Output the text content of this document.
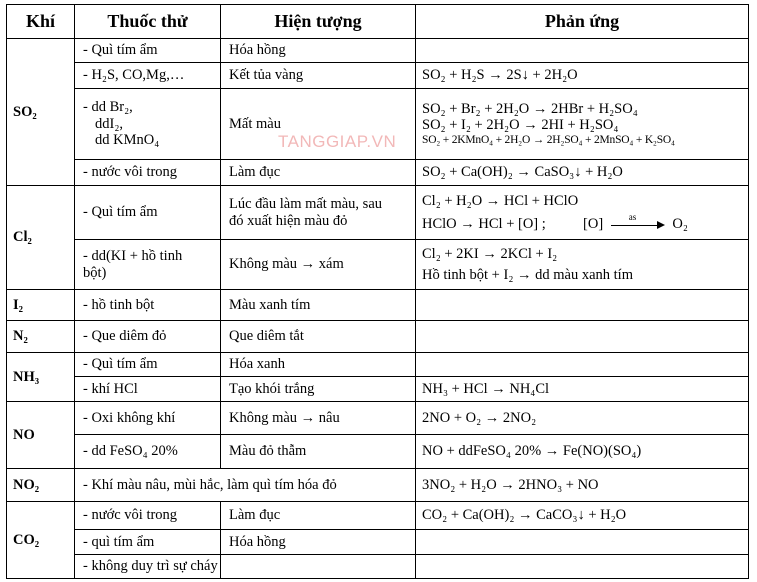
Khí	Thuốc thử	Hiện tượng	Phản ứng
SO₂	- Quì tím ẩm	Hóa hồng	
	- H₂S, CO,Mg,…	Kết tủa vàng	SO₂ + H₂S → 2S↓ + 2H₂O

	- dd Br₂,
ddI₂,
dd KMnO₄	Mất màu	SO₂ + Br₂ + 2H₂O → 2HBr + H₂SO₄
SO₂ + I₂ + 2H₂O → 2HI + H₂SO₄
SO₂ + 2KMnO₄ + 2H₂O → 2H₂SO₄ + 2MnSO₄ + K₂SO₄

	- nước vôi trong	Làm đục	SO₂ + Ca(OH)₂ → CaSO₃↓ + H₂O
Cl₂	- Quì tím ẩm	Lúc đầu làm mất màu, sau
đó xuất hiện màu đỏ	Cl₂ + H₂O → HCl + HClO
HClO → HCl + [O] ; [O] as O₂

	- dd(KI + hồ tinh
bột)	Không màu → xám	Cl₂ + 2KI → 2KCl + I₂
Hồ tinh bột + I₂ → dd màu xanh tím

I₂	- hồ tinh bột	Màu xanh tím	
N₂	- Que diêm đỏ	Que diêm tắt	
NH₃	- Quì tím ẩm	Hóa xanh	
	- khí HCl	Tạo khói trắng	NH₃ + HCl → NH₄Cl
NO	- Oxi không khí	Không màu → nâu	2NO + O₂ → 2NO₂
	- dd FeSO₄ 20%	Màu đỏ thẫm	NO + ddFeSO₄ 20% → Fe(NO)(SO₄)
NO₂	- Khí màu nâu, mùi hắc, làm quì tím hóa đỏ		3NO₂ + H₂O → 2HNO₃ + NO
CO₂	- nước vôi trong	Làm đục	CO₂ + Ca(OH)₂ → CaCO₃↓ + H₂O
	- quì tím ẩm	Hóa hồng	
	- không duy trì sự cháy		
TANGGIAP.VN
